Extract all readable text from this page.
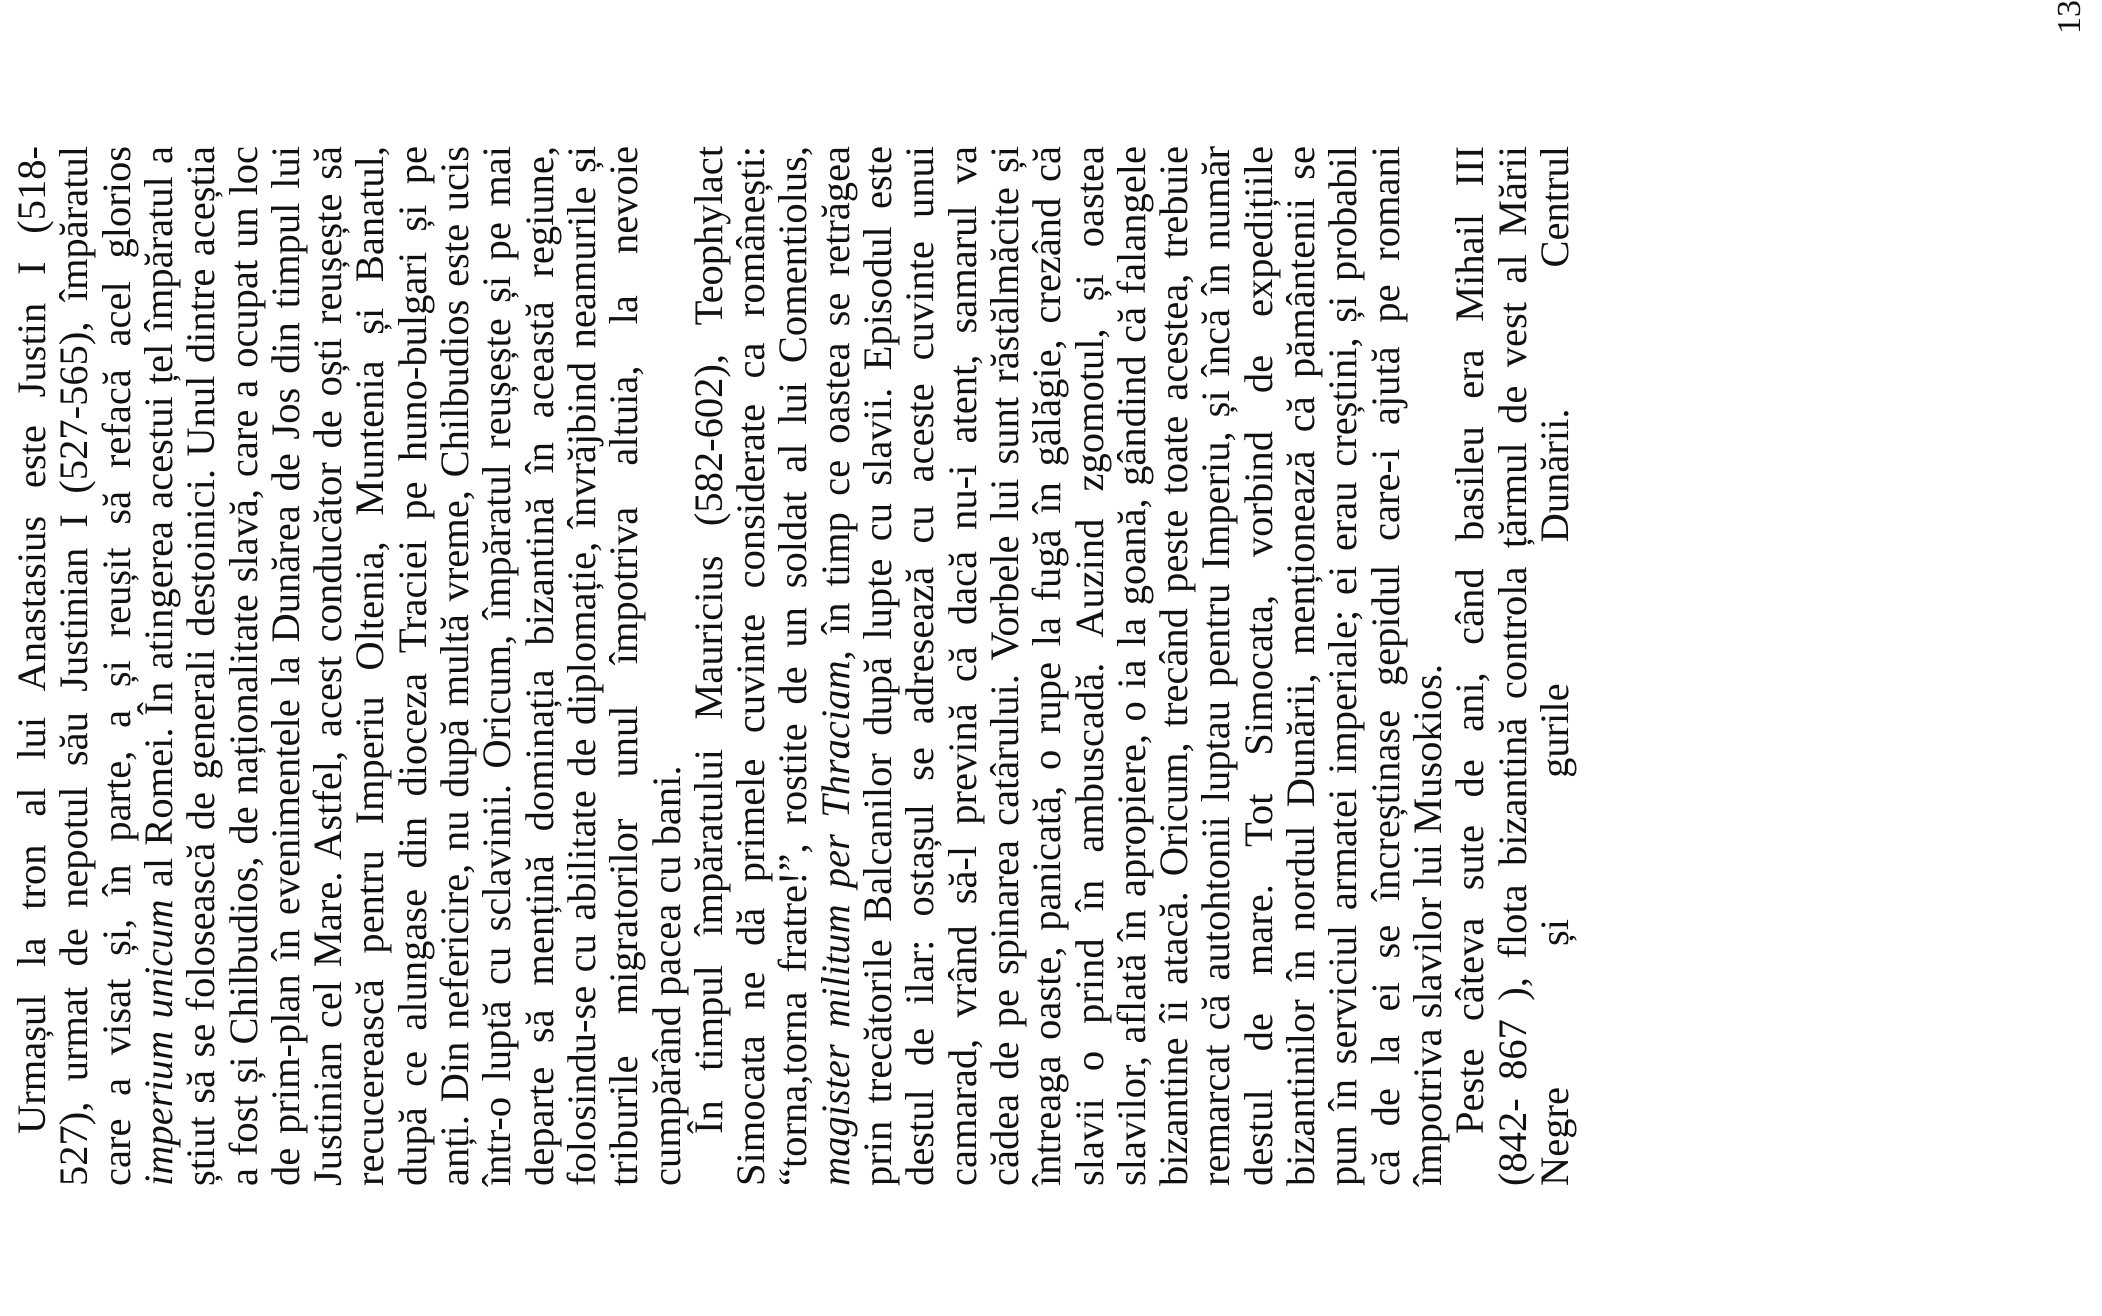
Urmașul la tron al lui Anastasius este Justin I (518-
527), urmat de nepotul său Justinian I (527-565), împăratul
care a visat și, în parte, a și reușit să refacă acel glorios
imperium unicum al Romei. În atingerea acestui țel împăratul a
știut să se folosească de generali destoinici. Unul dintre aceștia
a fost și Chilbudios, de naționalitate slavă, care a ocupat un loc
de prim-plan în evenimentele la Dunărea de Jos din timpul lui
Justinian cel Mare. Astfel, acest conducător de oști reușește să
recucerească pentru Imperiu Oltenia, Muntenia și Banatul,
după ce alungase din dioceza Traciei pe huno-bulgari și pe
anți. Din nefericire, nu după multă vreme, Chilbudios este ucis
într-o luptă cu sclavinii. Oricum, împăratul reușește și pe mai
departe să mențină dominația bizantină în această regiune,
folosindu-se cu abilitate de diplomație, învrăjbind neamurile și
triburile migratorilor unul împotriva altuia, la nevoie
cumpărând pacea cu bani.
În timpul împăratului Mauricius (582-602), Teophylact
Simocata ne dă primele cuvinte considerate ca românești:
“torna,torna fratre!”, rostite de un soldat al lui Comentiolus,
magister militum per Thraciam, în timp ce oastea se retrăgea
prin trecătorile Balcanilor după lupte cu slavii. Episodul este
destul de ilar: ostașul se adresează cu aceste cuvinte unui
camarad, vrând să-l prevină că dacă nu-i atent, samarul va
cădea de pe spinarea catârului. Vorbele lui sunt răstălmăcite și
întreaga oaste, panicată, o rupe la fugă în gălăgie, crezând că
slavii o prind în ambuscadă. Auzind zgomotul, și oastea
slavilor, aflată în apropiere, o ia la goană, gândind că falangele
bizantine îi atacă. Oricum, trecând peste toate acestea, trebuie
remarcat că autohtonii luptau pentru Imperiu, și încă în număr
destul de mare. Tot Simocata, vorbind de expedițiile
bizantinilor în nordul Dunării, menționează că pământenii se
pun în serviciul armatei imperiale; ei erau creștini, și probabil
că de la ei se încreștinase gepidul care-i ajută pe romani
împotriva slavilor lui Musokios.
Peste câteva sute de ani, când basileu era Mihail III
(842- 867 ), flota bizantină controla țărmul de vest al Mării
Negre și gurile Dunării. Centrul
13
